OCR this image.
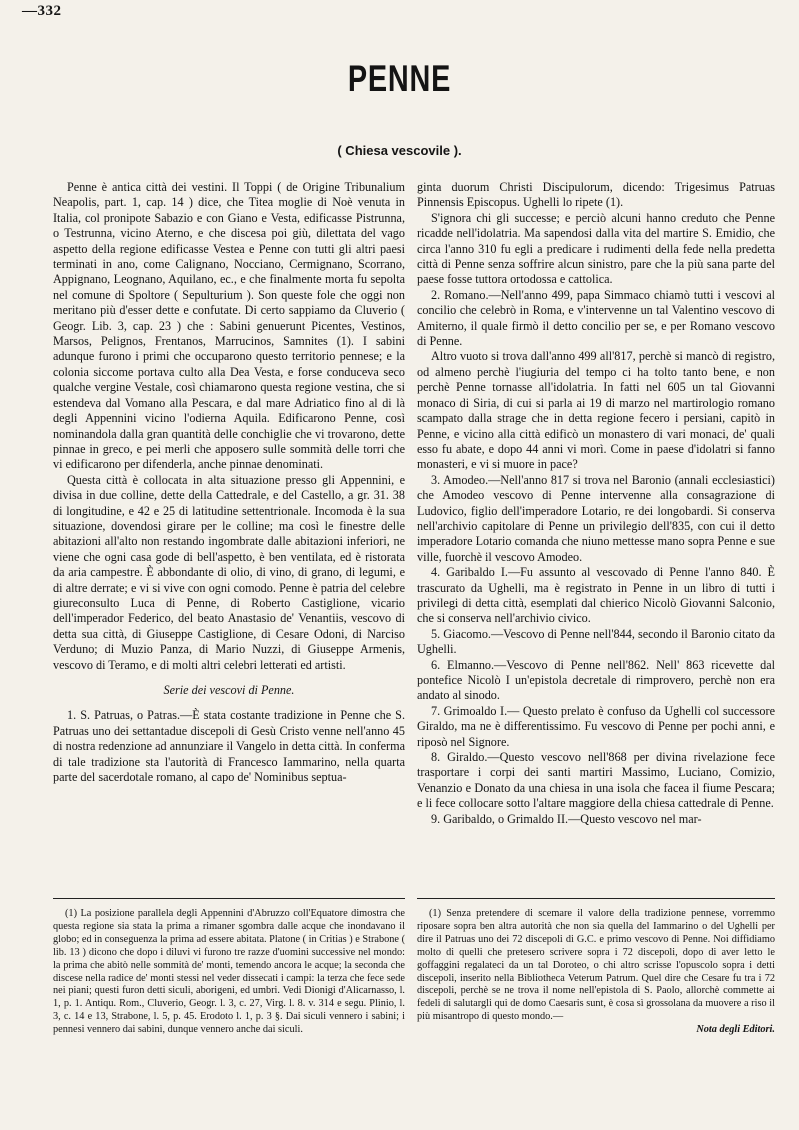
—332
PENNE
( Chiesa vescovile ).

Penne è antica città dei vestini. Il Toppi ( de Origine Tribunalium Neapolis, part. 1, cap. 14 ) dice, che Titea moglie di Noè venuta in Italia, col pronipote Sabazio e con Giano e Vesta, edificasse Pistrunna, o Testrunna, vicino Aterno, e che discesa poi giù, dilettata del vago aspetto della regione edificasse Vestea e Penne con tutti gli altri paesi terminati in ano, come Calignano, Nocciano, Cermignano, Scorrano, Appignano, Leognano, Aquilano, ec., e che finalmente morta fu sepolta nel comune di Spoltore ( Sepulturium ). Son queste fole che oggi non meritano più d'esser dette e confutate. Di certo sappiamo da Cluverio ( Geogr. Lib. 3, cap. 23 ) che : Sabini genuerunt Picentes, Vestinos, Marsos, Pelignos, Frentanos, Marrucinos, Samnites (1). I sabini adunque furono i primi che occuparono questo territorio pennese; e la colonia siccome portava culto alla Dea Vesta, e forse conduceva seco qualche vergine Vestale, così chiamarono questa regione vestina, che si estendeva dal Vomano alla Pescara, e dal mare Adriatico fino al di là degli Appennini vicino l'odierna Aquila. Edificarono Penne, così nominandola dalla gran quantità delle conchiglie che vi trovarono, dette pinnae in greco, e pei merli che apposero sulle sommità delle torri che vi edificarono per difenderla, anche pinnae denominati.

Questa città è collocata in alta situazione presso gli Appennini, e divisa in due colline, dette della Cattedrale, e del Castello, a gr. 31. 38 di longitudine, e 42 e 25 di latitudine settentrionale. Incomoda è la sua situazione, dovendosi girare per le colline; ma così le finestre delle abitazioni all'alto non restando ingombrate dalle abitazioni inferiori, ne viene che ogni casa gode di bell'aspetto, è ben ventilata, ed è ristorata da aria campestre. È abbondante di olio, di vino, di grano, di legumi, e di altre derrate; e vi si vive con ogni comodo. Penne è patria del celebre giureconsulto Luca di Penne, di Roberto Castiglione, vicario dell'imperador Federico, del beato Anastasio de' Venantiis, vescovo di detta sua città, di Giuseppe Castiglione, di Cesare Odoni, di Narciso Verduno; di Muzio Panza, di Mario Nuzzi, di Giuseppe Armenis, vescovo di Teramo, e di molti altri celebri letterati ed artisti.

Serie dei vescovi di Penne.

1. S. Patruas, o Patras.—È stata costante tradizione in Penne che S. Patruas uno dei settantadue discepoli di Gesù Cristo venne nell'anno 45 di nostra redenzione ad annunziare il Vangelo in detta città. In conferma di tale tradizione sta l'autorità di Francesco Iammarino, nella quarta parte del sacerdotale romano, al capo de' Nominibus septua-

ginta duorum Christi Discipulorum, dicendo: Trigesimus Patruas Pinnensis Episcopus. Ughelli lo ripete (1).

S'ignora chi gli successe; e perciò alcuni hanno creduto che Penne ricadde nell'idolatria. Ma sapendosi dalla vita del martire S. Emidio, che circa l'anno 310 fu egli a predicare i rudimenti della fede nella predetta città di Penne senza soffrire alcun sinistro, pare che la più sana parte del paese fosse tuttora ortodossa e cattolica.

2. Romano.—Nell'anno 499, papa Simmaco chiamò tutti i vescovi al concilio che celebrò in Roma, e v'intervenne un tal Valentino vescovo di Amiterno, il quale firmò il detto concilio per se, e per Romano vescovo di Penne.

Altro vuoto si trova dall'anno 499 all'817, perchè si mancò di registro, od almeno perchè l'iugiuria del tempo ci ha tolto tanto bene, e non perchè Penne tornasse all'idolatria. In fatti nel 605 un tal Giovanni monaco di Siria, di cui si parla ai 19 di marzo nel martirologio romano scampato dalla strage che in detta regione fecero i persiani, capitò in Penne, e vicino alla città edificò un monastero di vari monaci, de' quali esso fu abate, e dopo 44 anni vi morì. Come in paese d'idolatri si fanno monasteri, e vi si muore in pace?

3. Amodeo.—Nell'anno 817 si trova nel Baronio (annali ecclesiastici) che Amodeo vescovo di Penne intervenne alla consagrazione di Ludovico, figlio dell'imperadore Lotario, re dei longobardi. Si conserva nell'archivio capitolare di Penne un privilegio dell'835, con cui il detto imperadore Lotario comanda che niuno mettesse mano sopra Penne e sue ville, fuorchè il vescovo Amodeo.

4. Garibaldo I.—Fu assunto al vescovado di Penne l'anno 840. È trascurato da Ughelli, ma è registrato in Penne in un libro di tutti i privilegi di detta città, esemplati dal chierico Nicolò Giovanni Salconio, che si conserva nell'archivio civico.

5. Giacomo.—Vescovo di Penne nell'844, secondo il Baronio citato da Ughelli.

6. Elmanno.—Vescovo di Penne nell'862. Nell' 863 ricevette dal pontefice Nicolò I un'epistola decretale di rimprovero, perchè non era andato al sinodo.

7. Grimoaldo I.— Questo prelato è confuso da Ughelli col successore Giraldo, ma ne è differentissimo. Fu vescovo di Penne per pochi anni, e riposò nel Signore.

8. Giraldo.—Questo vescovo nell'868 per divina rivelazione fece trasportare i corpi dei santi martiri Massimo, Luciano, Comizio, Venanzio e Donato da una chiesa in una isola che facea il fiume Pescara; e li fece collocare sotto l'altare maggiore della chiesa cattedrale di Penne.

9. Garibaldo, o Grimaldo II.—Questo vescovo nel mar-

(1) La posizione parallela degli Appennini d'Abruzzo coll'Equatore dimostra che questa regione sia stata la prima a rimaner sgombra dalle acque che inondavano il globo; ed in conseguenza la prima ad essere abitata. Platone ( in Critias ) e Strabone ( lib. 13 ) dicono che dopo i diluvi vi furono tre razze d'uomini successive nel mondo: la prima che abitò nelle sommità de' monti, temendo ancora le acque; la seconda che discese nella radice de' monti stessi nel veder dissecati i campi: la terza che fece sede nei piani; questi furon detti siculi, aborigeni, ed umbri. Vedi Dionigi d'Alicarnasso, l. 1, p. 1. Antiqu. Rom., Cluverio, Geogr. l. 3, c. 27, Virg. l. 8. v. 314 e segu. Plinio, l. 3, c. 14 e 13, Strabone, l. 5, p. 45. Erodoto l. 1, p. 3 §. Dai siculi vennero i sabini; i pennesi vennero dai sabini, dunque vennero anche dai siculi.

(1) Senza pretendere di scemare il valore della tradizione pennese, vorremmo riposare sopra ben altra autorità che non sia quella del Iammarino o del Ughelli per dire il Patruas uno dei 72 discepoli di G.C. e primo vescovo di Penne. Noi diffidiamo molto di quelli che pretesero scrivere sopra i 72 discepoli, dopo di aver letto le goffaggini regalateci da un tal Doroteo, o chi altro scrisse l'opuscolo sopra i detti discepoli, inserito nella Bibliotheca Veterum Patrum. Quel dire che Cesare fu tra i 72 discepoli, perchè se ne trova il nome nell'epistola di S. Paolo, allorchè commette ai fedeli di salutargli qui de domo Caesaris sunt, è cosa sì grossolana da muovere a riso il più misantropo di questo mondo.—

Nota degli Editori.
